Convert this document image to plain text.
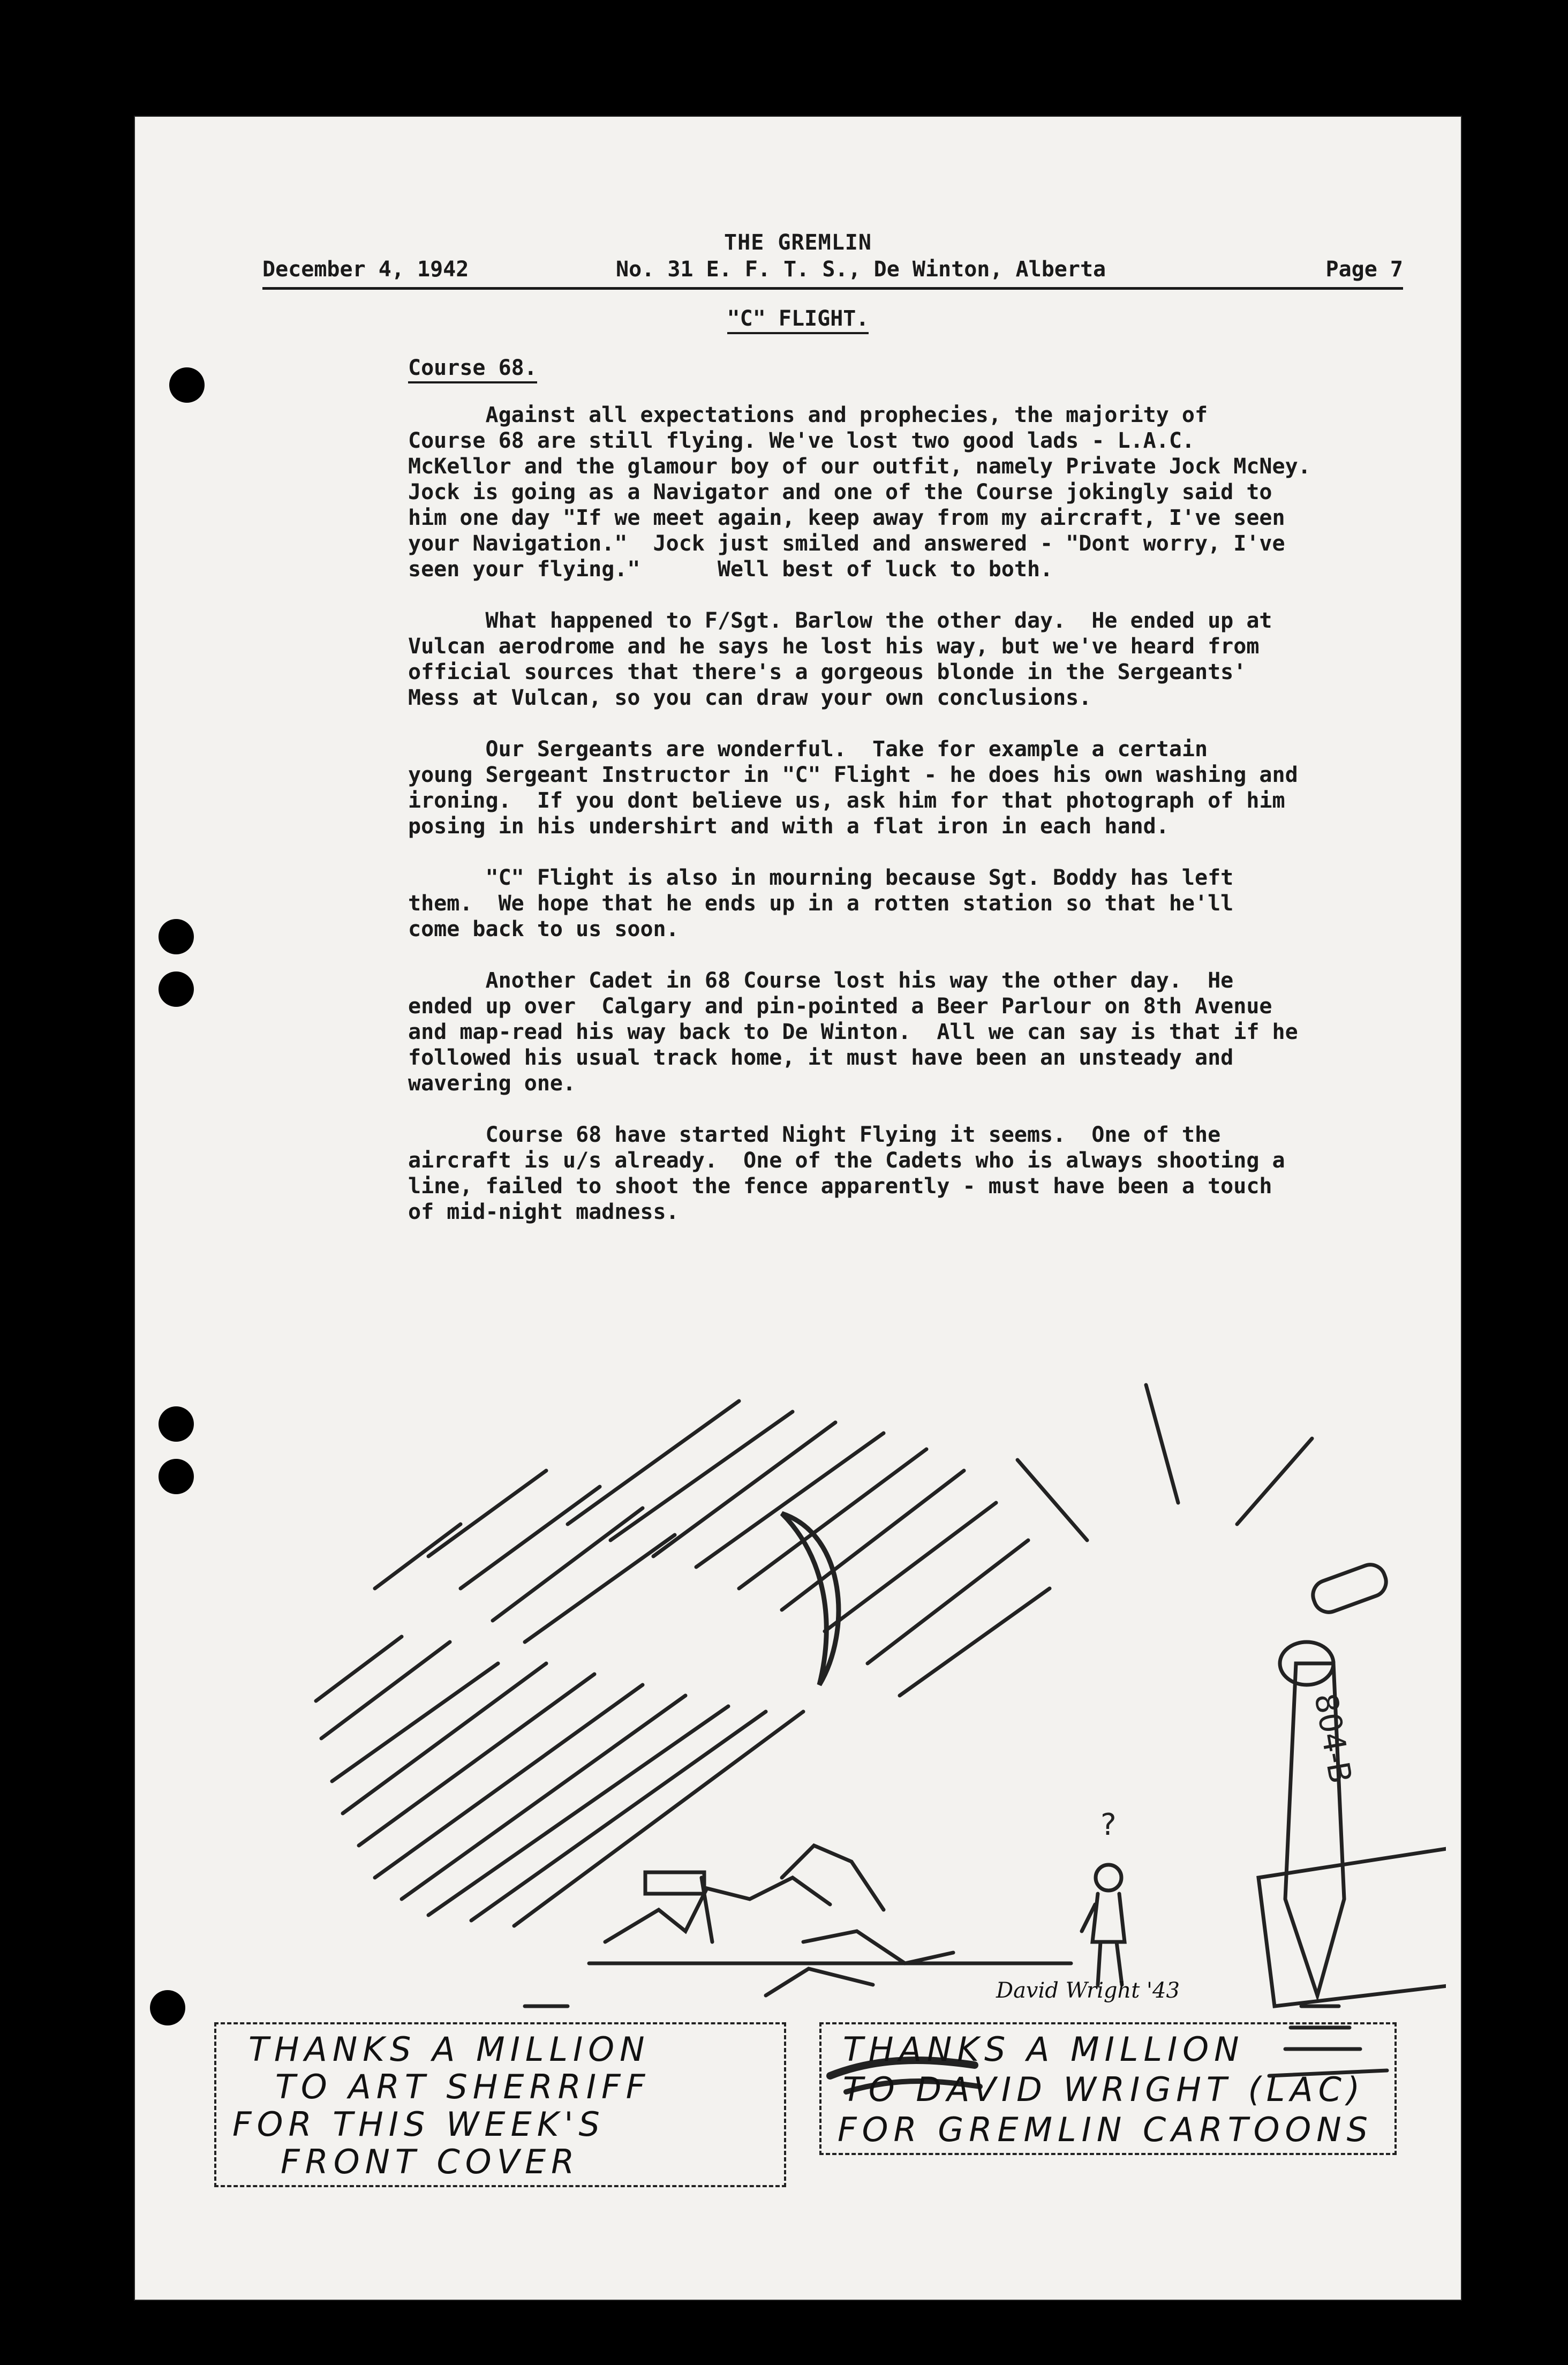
THE GREMLIN
December 4, 1942	No. 31 E. F. T. S., De Winton, Alberta	Page 7
"C" FLIGHT.
Course 68.
Against all expectations and prophecies, the majority of
Course 68 are still flying. We've lost two good lads - L.A.C.
McKellor and the glamour boy of our outfit, namely Private Jock McNey.
Jock is going as a Navigator and one of the Course jokingly said to
him one day "If we meet again, keep away from my aircraft, I've seen
your Navigation."  Jock just smiled and answered - "Dont worry, I've
seen your flying."      Well best of luck to both.
What happened to F/Sgt. Barlow the other day.  He ended up at
Vulcan aerodrome and he says he lost his way, but we've heard from
official sources that there's a gorgeous blonde in the Sergeants'
Mess at Vulcan, so you can draw your own conclusions.
Our Sergeants are wonderful.  Take for example a certain
young Sergeant Instructor in "C" Flight - he does his own washing and
ironing.  If you dont believe us, ask him for that photograph of him
posing in his undershirt and with a flat iron in each hand.
"C" Flight is also in mourning because Sgt. Boddy has left
them.  We hope that he ends up in a rotten station so that he'll
come back to us soon.
Another Cadet in 68 Course lost his way the other day.  He
ended up over  Calgary and pin-pointed a Beer Parlour on 8th Avenue
and map-read his way back to De Winton.  All we can say is that if he
followed his usual track home, it must have been an unsteady and
wavering one.
Course 68 have started Night Flying it seems.  One of the
aircraft is u/s already.  One of the Cadets who is always shooting a
line, failed to shoot the fence apparently - must have been a touch
of mid-night madness.
804-B
?
David Wright '43
THANKS A MILLION
TO ART SHERRIFF
FOR THIS WEEK'S
FRONT COVER
THANKS A MILLION
TO DAVID WRIGHT (LAC)
FOR GREMLIN CARTOONS
